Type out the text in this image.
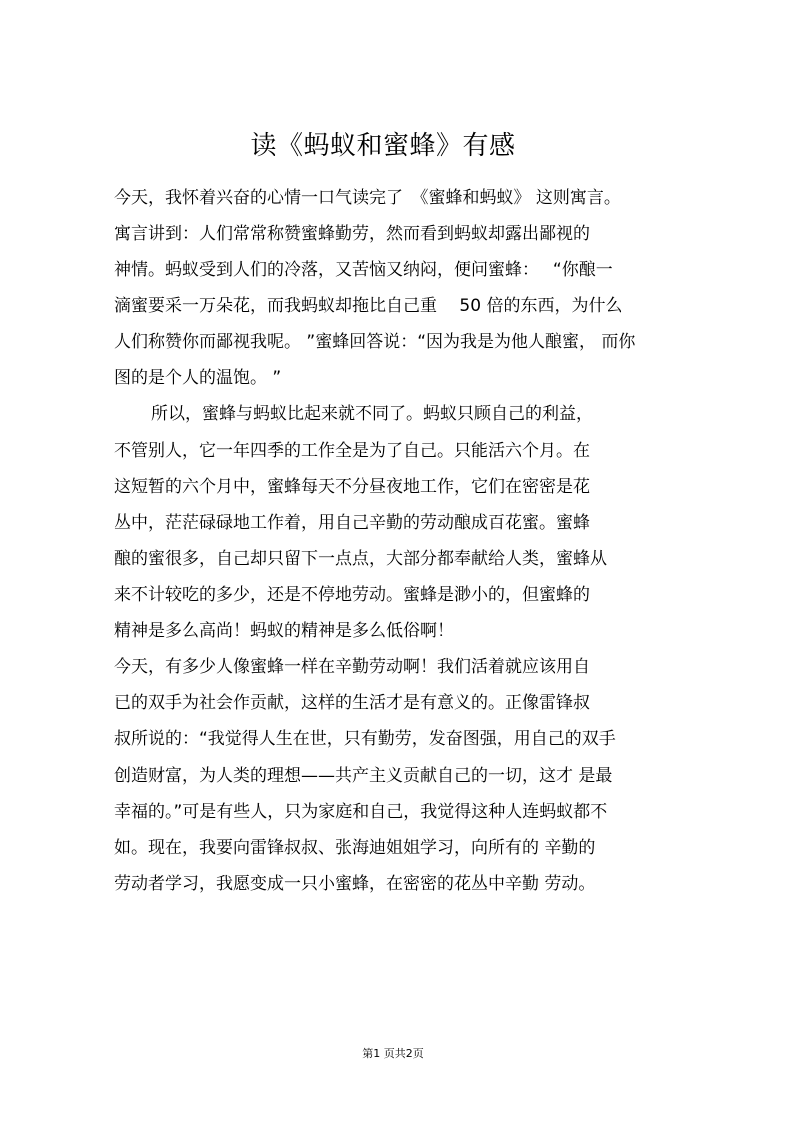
读《蚂蚁和蜜蜂》有感
今天，我怀着兴奋的心情一口气读完了　《蜜蜂和蚂蚁》 这则寓言。
寓言讲到：人们常常称赞蜜蜂勤劳，然而看到蚂蚁却露出鄙视的
神情。蚂蚁受到人们的冷落，又苦恼又纳闷，便问蜜蜂：　 “你酿一
滴蜜要采一万朵花，而我蚂蚁却拖比自己重　 50 倍的东西，为什么
人们称赞你而鄙视我呢。 ”蜜蜂回答说：“因为我是为他人酿蜜， 而你
图的是个人的温饱。 ”
所以，蜜蜂与蚂蚁比起来就不同了。蚂蚁只顾自己的利益，
不管别人，它一年四季的工作全是为了自己。只能活六个月。在
这短暂的六个月中，蜜蜂每天不分昼夜地工作，它们在密密是花
丛中，茫茫碌碌地工作着，用自己辛勤的劳动酿成百花蜜。蜜蜂
酿的蜜很多，自己却只留下一点点，大部分都奉献给人类，蜜蜂从
来不计较吃的多少，还是不停地劳动。蜜蜂是渺小的，但蜜蜂的
精神是多么高尚！蚂蚁的精神是多么低俗啊！
今天，有多少人像蜜蜂一样在辛勤劳动啊！我们活着就应该用自
已的双手为社会作贡献，这样的生活才是有意义的。正像雷锋叔
叔所说的：“我觉得人生在世，只有勤劳，发奋图强，用自己的双手
创造财富，为人类的理想——共产主义贡献自己的一切，这才 是最
幸福的。”可是有些人，只为家庭和自己，我觉得这种人连蚂蚁都不
如。现在，我要向雷锋叔叔、张海迪姐姐学习，向所有的 辛勤的
劳动者学习，我愿变成一只小蜜蜂，在密密的花丛中辛勤 劳动。
第1 页共2页
